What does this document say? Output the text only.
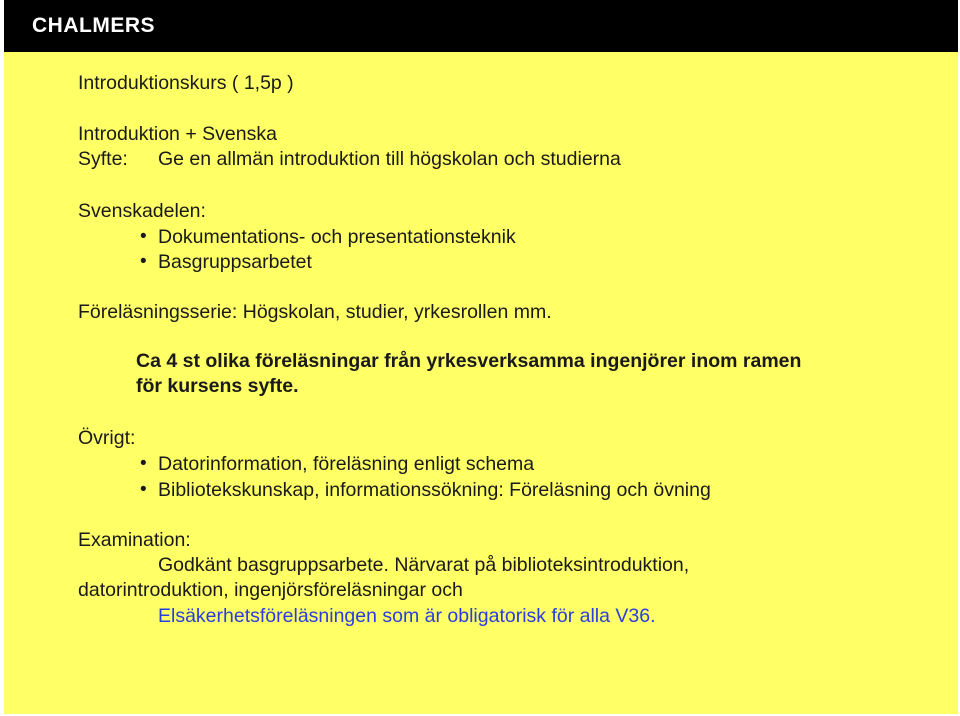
CHALMERS
Introduktionskurs ( 1,5p )
Introduktion + Svenska
Syfte: Ge en allmän introduktion till högskolan och studierna
Svenskadelen:
• Dokumentations- och presentationsteknik
• Basgruppsarbetet
Föreläsningsserie: Högskolan, studier, yrkesrollen mm.
Ca 4 st olika föreläsningar från yrkesverksamma ingenjörer inom ramen
för kursens syfte.
Övrigt:
• Datorinformation, föreläsning enligt schema
• Bibliotekskunskap, informationssökning: Föreläsning och övning
Examination:
Godkänt basgruppsarbete. Närvarat på biblioteksintroduktion,
datorintroduktion, ingenjörsföreläsningar och
Elsäkerhetsföreläsningen som är obligatorisk för alla V36.
